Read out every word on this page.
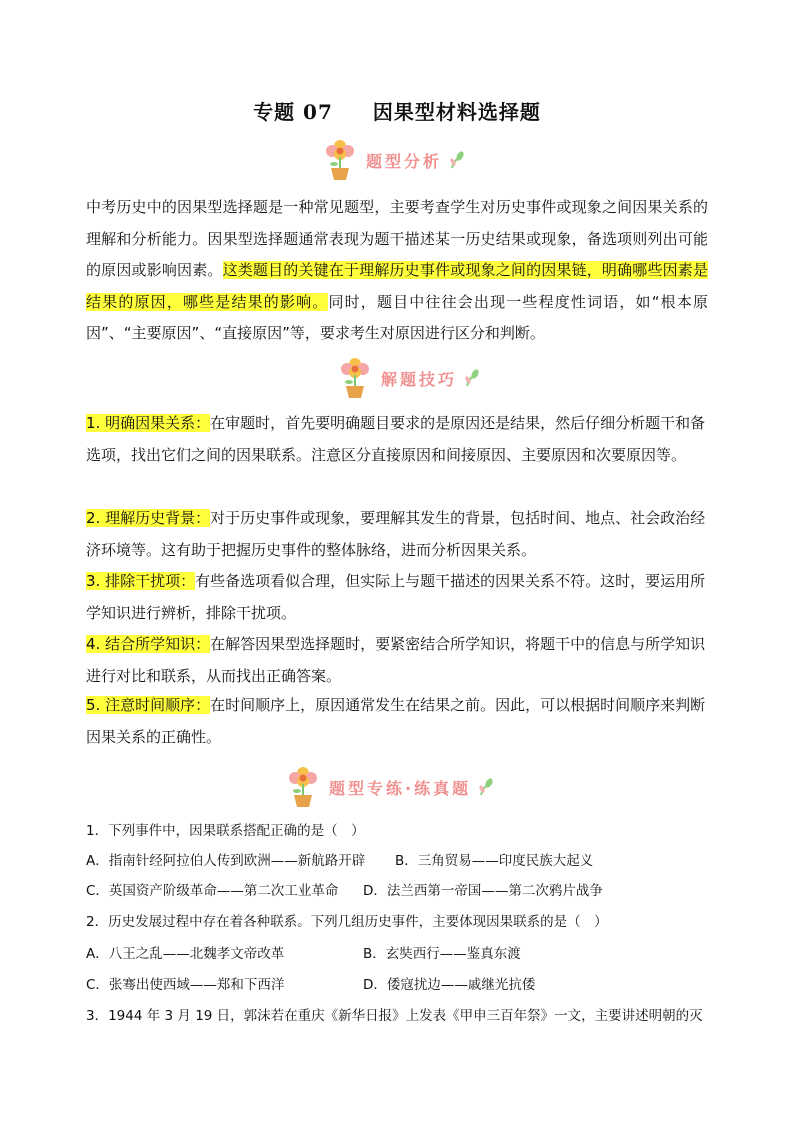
专题 07 因果型材料选择题
题型分析
中考历史中的因果型选择题是一种常见题型，主要考查学生对历史事件或现象之间因果关系的理解和分析能力。因果型选择题通常表现为题干描述某一历史结果或现象，备选项则列出可能的原因或影响因素。这类题目的关键在于理解历史事件或现象之间的因果链，明确哪些因素是结果的原因，哪些是结果的影响。同时，题目中往往会出现一些程度性词语，如“根本原因”、“主要原因”、“直接原因”等，要求考生对原因进行区分和判断。
解题技巧
1. 明确因果关系：在审题时，首先要明确题目要求的是原因还是结果，然后仔细分析题干和备选项，找出它们之间的因果联系。注意区分直接原因和间接原因、主要原因和次要原因等。
2. 理解历史背景：对于历史事件或现象，要理解其发生的背景，包括时间、地点、社会政治经济环境等。这有助于把握历史事件的整体脉络，进而分析因果关系。
3. 排除干扰项：有些备选项看似合理，但实际上与题干描述的因果关系不符。这时，要运用所学知识进行辨析，排除干扰项。
4. 结合所学知识：在解答因果型选择题时，要紧密结合所学知识，将题干中的信息与所学知识进行对比和联系，从而找出正确答案。
5. 注意时间顺序：在时间顺序上，原因通常发生在结果之前。因此，可以根据时间顺序来判断因果关系的正确性。
题型专练·练真题
1．下列事件中，因果联系搭配正确的是（　）
A．指南针经阿拉伯人传到欧洲——新航路开辟 B．三角贸易——印度民族大起义
C．英国资产阶级革命——第二次工业革命 D．法兰西第一帝国——第二次鸦片战争
2．历史发展过程中存在着各种联系。下列几组历史事件，主要体现因果联系的是（　）
A．八王之乱——北魏孝文帝改革	B．玄奘西行——鉴真东渡
C．张骞出使西域——郑和下西洋	D．倭寇扰边——戚继光抗倭
3．1944 年 3 月 19 日，郭沫若在重庆《新华日报》上发表《甲申三百年祭》一文，主要讲述明朝的灭
